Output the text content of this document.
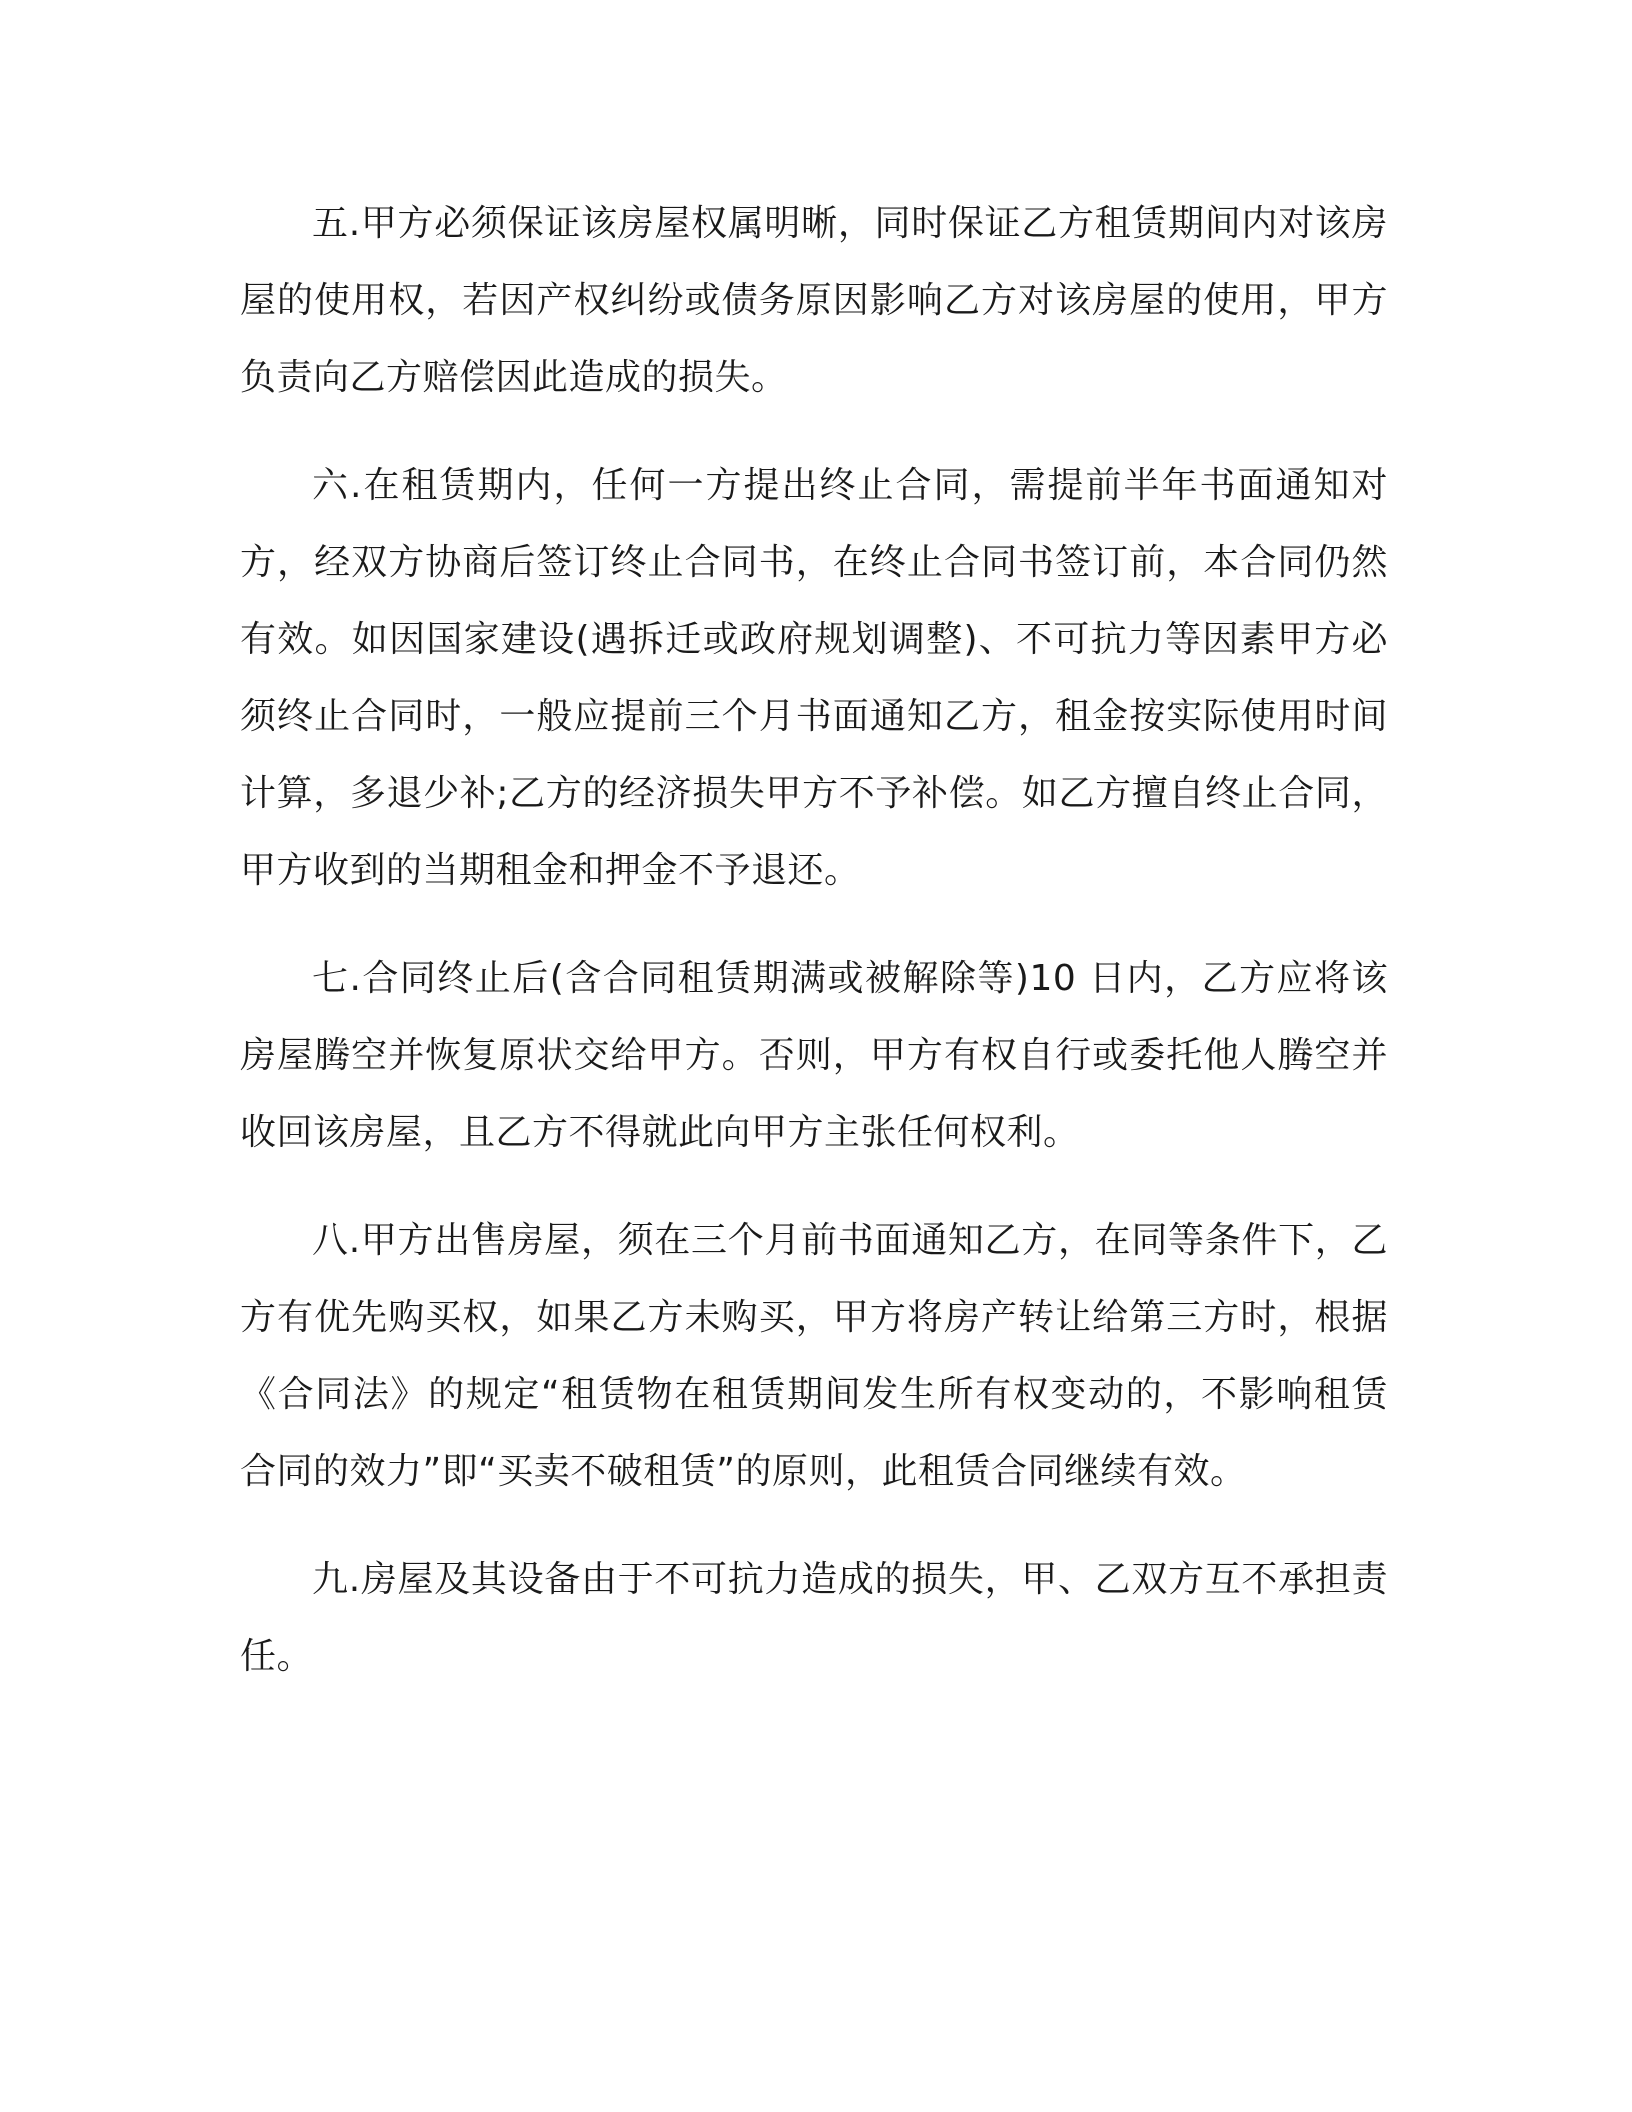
五.甲方必须保证该房屋权属明晰，同时保证乙方租赁期间内对该房屋的使用权，若因产权纠纷或债务原因影响乙方对该房屋的使用，甲方负责向乙方赔偿因此造成的损失。

六.在租赁期内，任何一方提出终止合同，需提前半年书面通知对方，经双方协商后签订终止合同书，在终止合同书签订前，本合同仍然有效。如因国家建设(遇拆迁或政府规划调整)、不可抗力等因素甲方必须终止合同时，一般应提前三个月书面通知乙方，租金按实际使用时间计算，多退少补;乙方的经济损失甲方不予补偿。如乙方擅自终止合同，甲方收到的当期租金和押金不予退还。

七.合同终止后(含合同租赁期满或被解除等)10 日内，乙方应将该房屋腾空并恢复原状交给甲方。否则，甲方有权自行或委托他人腾空并收回该房屋，且乙方不得就此向甲方主张任何权利。

八.甲方出售房屋，须在三个月前书面通知乙方，在同等条件下，乙方有优先购买权，如果乙方未购买，甲方将房产转让给第三方时，根据《合同法》的规定“租赁物在租赁期间发生所有权变动的，不影响租赁合同的效力”即“买卖不破租赁”的原则，此租赁合同继续有效。

九.房屋及其设备由于不可抗力造成的损失，甲、乙双方互不承担责任。
